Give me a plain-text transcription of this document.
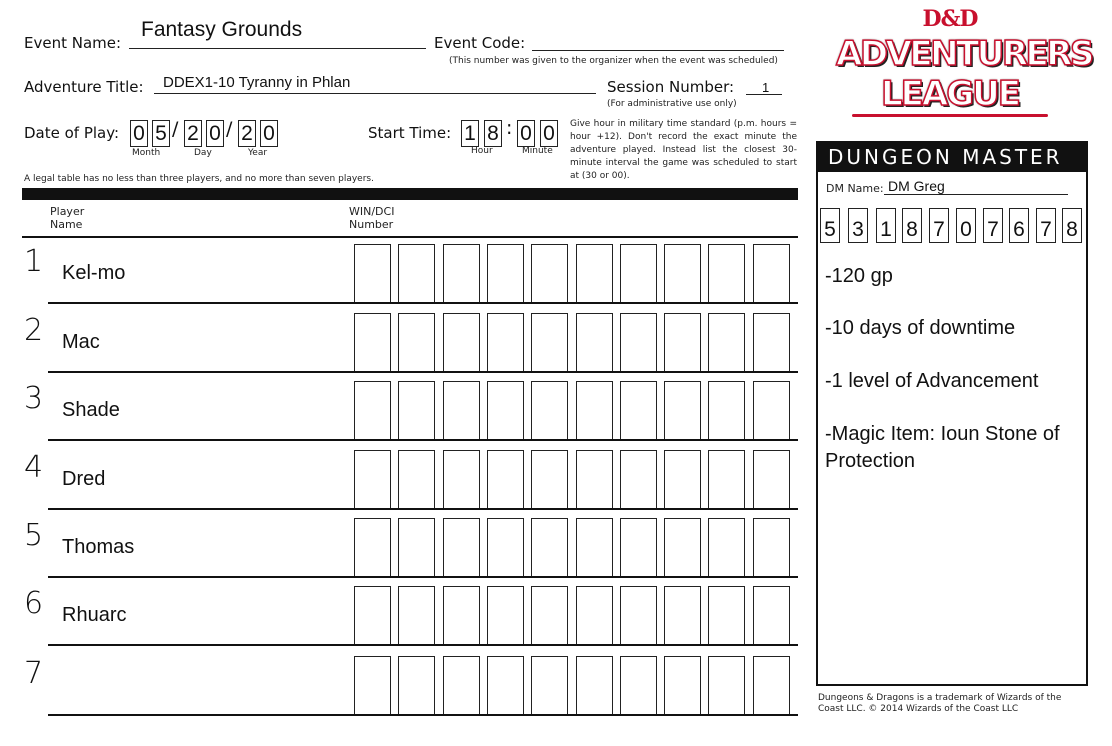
Event Name:
Fantasy Grounds
Event Code:
(This number was given to the organizer when the event was scheduled)
Adventure Title: DDEX1-10 Tyranny in Phlan	Session Number: 1
(For administrative use only)
Date of Play: 0 5 / 2 0 / 2 0
Month	Day	Year
Start Time: 1 8 : 0 0
Hour	Minute
Give hour in military time standard (p.m. hours = hour +12). Don't record the exact minute the adventure played. Instead list the closest 30-minute interval the game was scheduled to start at (30 or 00).
A legal table has no less than three players, and no more than seven players.
Player
Name
WIN/DCI
Number
1 Kel-mo
2 Mac
3 Shade
4 Dred
5 Thomas
6 Rhuarc
7
D&D
ADVENTURERS
LEAGUE
DUNGEON MASTER
DM Name: DM Greg
5 3 1 8 7 0 7 6 7 8
-120 gp
-10 days of downtime
-1 level of Advancement
-Magic Item: Ioun Stone of Protection
Dungeons & Dragons is a trademark of Wizards of the Coast LLC. © 2014 Wizards of the Coast LLC
